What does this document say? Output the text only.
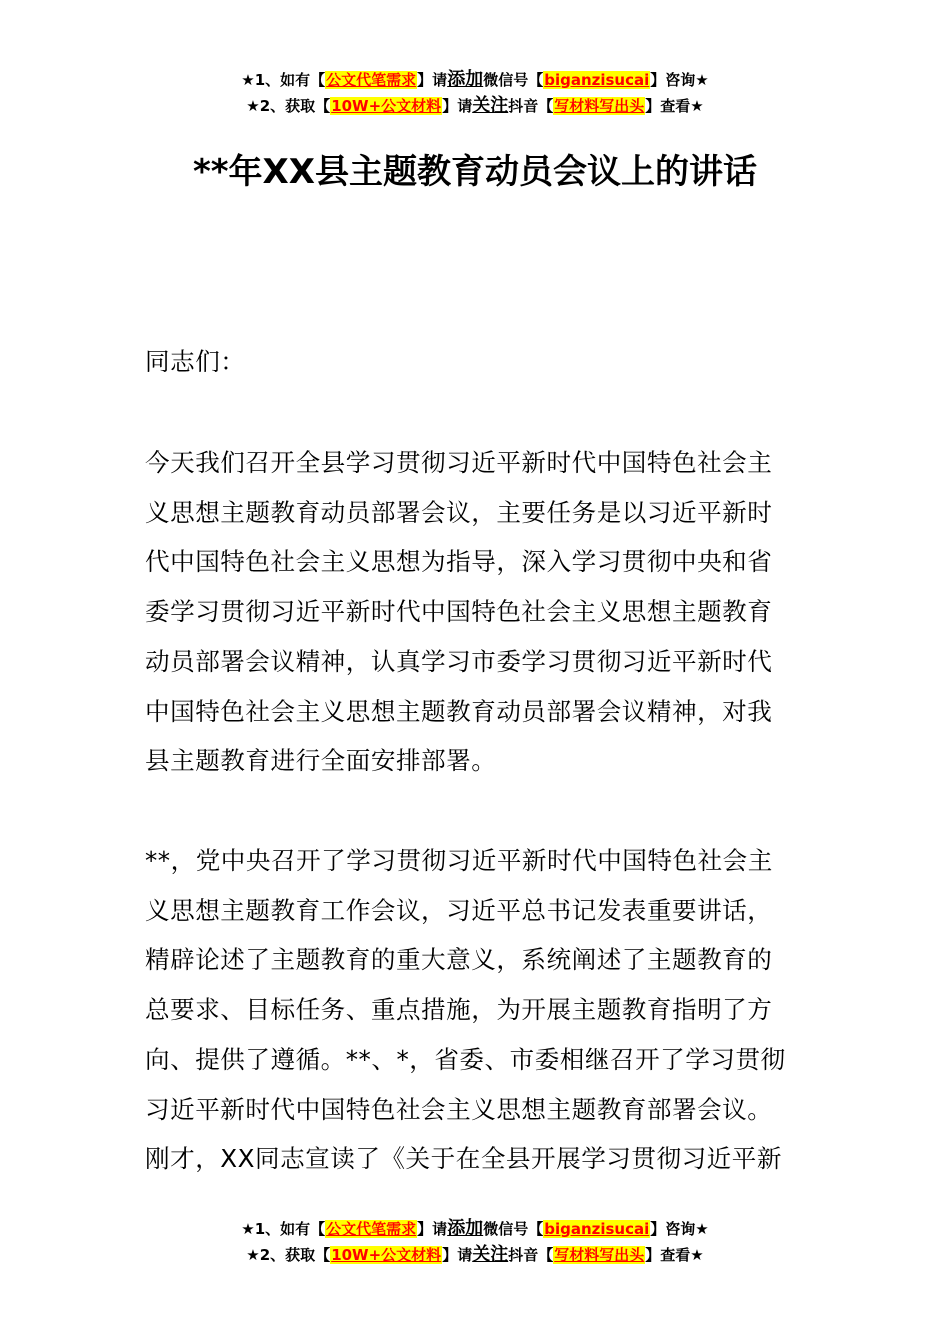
★1、如有【公文代笔需求】请添加微信号【biganzisucai】咨询★
★2、获取【10W+公文材料】请关注抖音【写材料写出头】查看★
**年XX县主题教育动员会议上的讲话

同志们：

今天我们召开全县学习贯彻习近平新时代中国特色社会主

义思想主题教育动员部署会议，主要任务是以习近平新时

代中国特色社会主义思想为指导，深入学习贯彻中央和省

委学习贯彻习近平新时代中国特色社会主义思想主题教育

动员部署会议精神，认真学习市委学习贯彻习近平新时代

中国特色社会主义思想主题教育动员部署会议精神，对我

县主题教育进行全面安排部署。

**，党中央召开了学习贯彻习近平新时代中国特色社会主

义思想主题教育工作会议，习近平总书记发表重要讲话，

精辟论述了主题教育的重大意义，系统阐述了主题教育的

总要求、目标任务、重点措施，为开展主题教育指明了方

向、提供了遵循。**、*，省委、市委相继召开了学习贯彻

习近平新时代中国特色社会主义思想主题教育部署会议。

刚才，XX同志宣读了《关于在全县开展学习贯彻习近平新

★1、如有【公文代笔需求】请添加微信号【biganzisucai】咨询★
★2、获取【10W+公文材料】请关注抖音【写材料写出头】查看★
